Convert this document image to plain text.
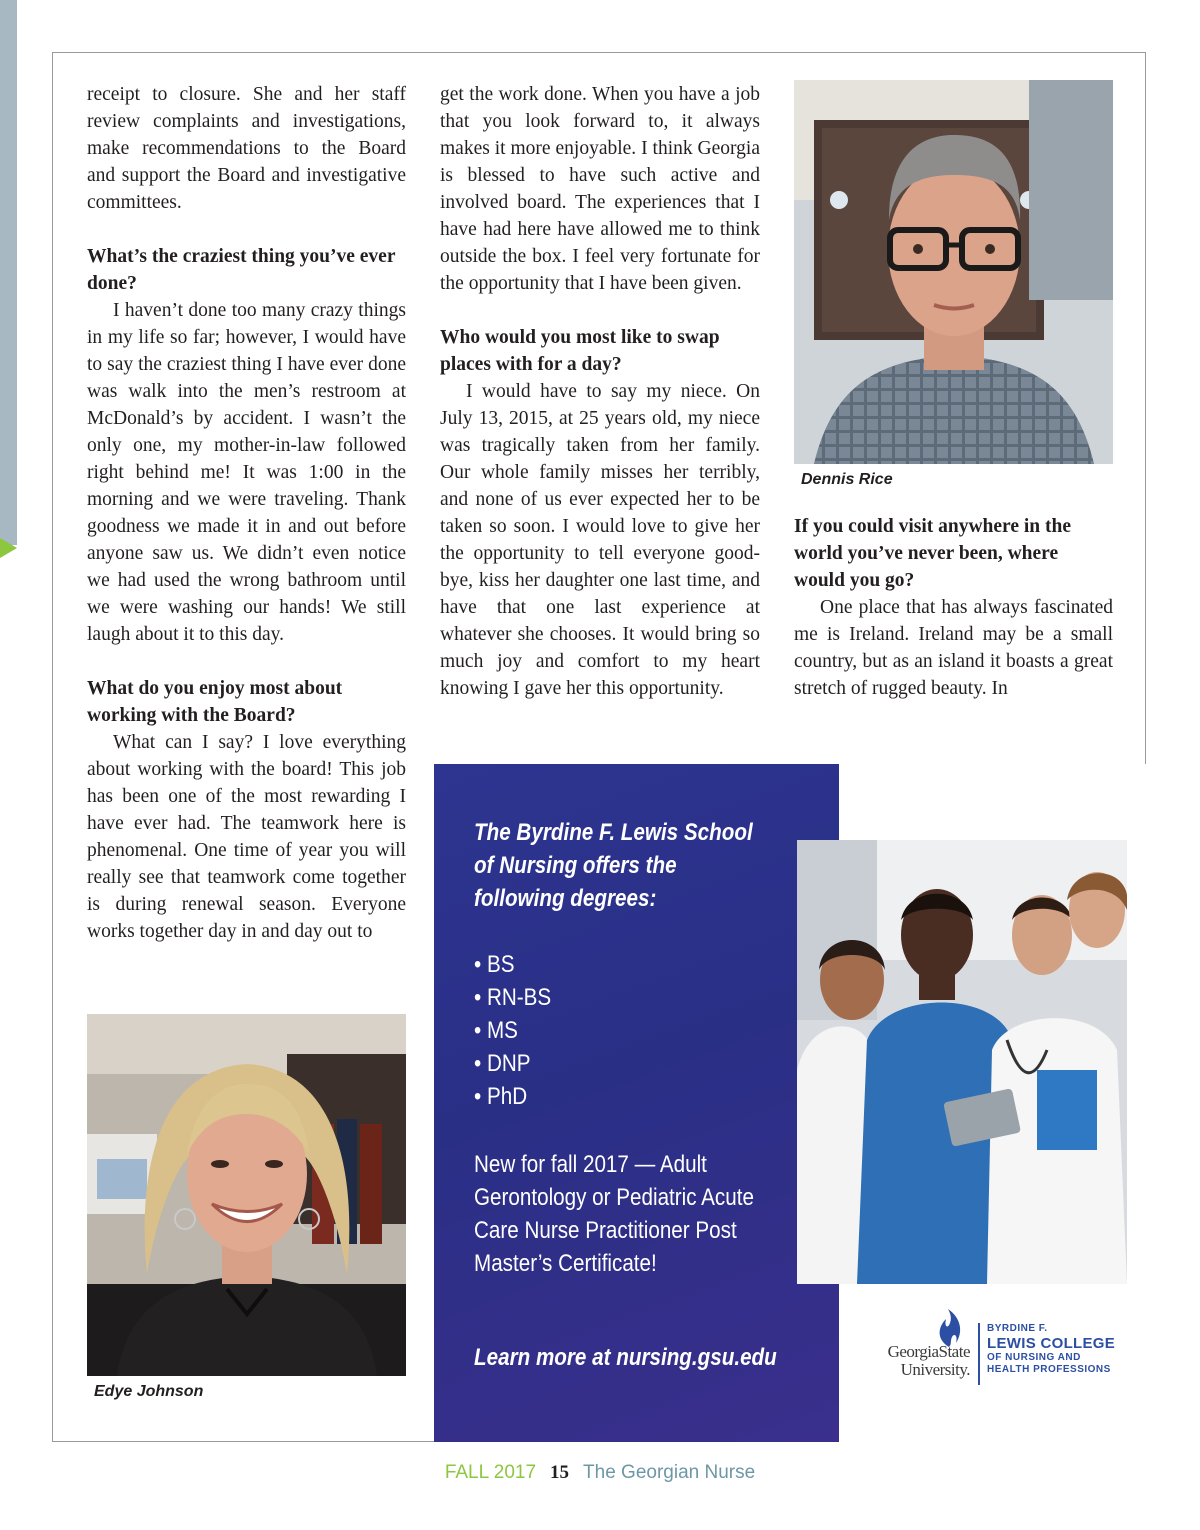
receipt to closure. She and her staff review complaints and investigations, make recommendations to the Board and support the Board and investigative committees.

What’s the craziest thing you’ve ever done?

I haven’t done too many crazy things in my life so far; however, I would have to say the craziest thing I have ever done was walk into the men’s restroom at McDonald’s by accident. I wasn’t the only one, my mother-in-law followed right behind me! It was 1:00 in the morning and we were traveling. Thank goodness we made it in and out before anyone saw us. We didn’t even notice we had used the wrong bathroom until we were washing our hands! We still laugh about it to this day.

What do you enjoy most about working with the Board?

What can I say? I love everything about working with the board! This job has been one of the most rewarding I have ever had. The teamwork here is phenomenal. One time of year you will really see that teamwork come together is during renewal season. Everyone works together day in and day out to

get the work done. When you have a job that you look forward to, it always makes it more enjoyable. I think Georgia is blessed to have such active and involved board. The experiences that I have had here have allowed me to think outside the box. I feel very fortunate for the opportunity that I have been given.

Who would you most like to swap places with for a day?

I would have to say my niece. On July 13, 2015, at 25 years old, my niece was tragically taken from her family. Our whole family misses her terribly, and none of us ever expected her to be taken so soon. I would love to give her the opportunity to tell everyone good-bye, kiss her daughter one last time, and have that one last experience at whatever she chooses. It would bring so much joy and comfort to my heart knowing I gave her this opportunity.

Dennis Rice

If you could visit anywhere in the world you’ve never been, where would you go?

One place that has always fascinated me is Ireland. Ireland may be a small country, but as an island it boasts a great stretch of rugged beauty. In

Edye Johnson
The Byrdine F. Lewis School of Nursing offers the following degrees:
• BS
• RN-BS
• MS
• DNP
• PhD
New for fall 2017 — Adult Gerontology or Pediatric Acute Care Nurse Practitioner Post Master’s Certificate!
Learn more at nursing.gsu.edu	GeorgiaState
University.
BYRDINE F.
LEWIS COLLEGE
OF NURSING AND
HEALTH PROFESSIONS
FALL 2017 15 The Georgian Nurse
